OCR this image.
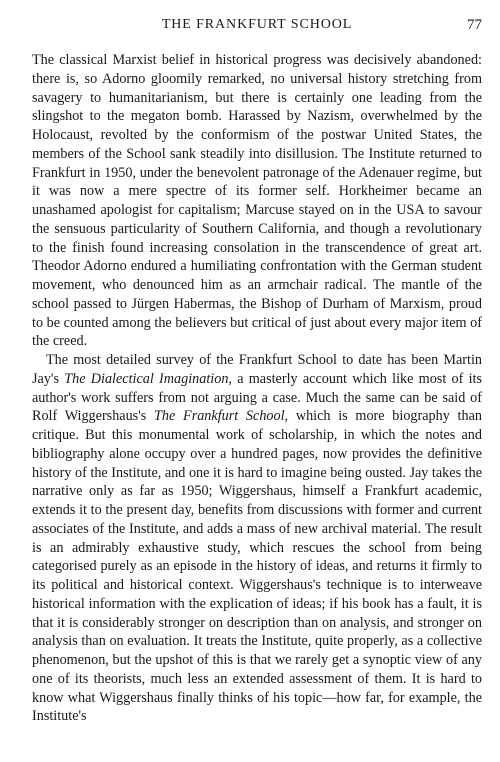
THE FRANKFURT SCHOOL	77

The classical Marxist belief in historical progress was decisively abandoned: there is, so Adorno gloomily remarked, no universal history stretching from savagery to humanitarianism, but there is certainly one leading from the slingshot to the megaton bomb. Harassed by Nazism, overwhelmed by the Holocaust, revolted by the conformism of the postwar United States, the members of the School sank steadily into disillusion. The Institute returned to Frankfurt in 1950, under the benevolent patronage of the Adenauer regime, but it was now a mere spectre of its former self. Horkheimer became an unashamed apologist for capitalism; Marcuse stayed on in the USA to savour the sensuous particularity of Southern California, and though a revolutionary to the finish found increasing consolation in the transcendence of great art. Theodor Adorno endured a humiliating confrontation with the German student movement, who denounced him as an armchair radical. The mantle of the school passed to Jürgen Habermas, the Bishop of Durham of Marxism, proud to be counted among the believers but critical of just about every major item of the creed.

The most detailed survey of the Frankfurt School to date has been Martin Jay's The Dialectical Imagination, a masterly account which like most of its author's work suffers from not arguing a case. Much the same can be said of Rolf Wiggershaus's The Frankfurt School, which is more biography than critique. But this monumental work of scholarship, in which the notes and bibliography alone occupy over a hundred pages, now provides the definitive history of the Institute, and one it is hard to imagine being ousted. Jay takes the narrative only as far as 1950; Wiggershaus, himself a Frankfurt academic, extends it to the present day, benefits from discussions with former and current associates of the Institute, and adds a mass of new archival material. The result is an admirably exhaustive study, which rescues the school from being categorised purely as an episode in the history of ideas, and returns it firmly to its political and historical context. Wiggershaus's technique is to interweave historical information with the explication of ideas; if his book has a fault, it is that it is considerably stronger on description than on analysis, and stronger on analysis than on evaluation. It treats the Institute, quite properly, as a collective phenomenon, but the upshot of this is that we rarely get a synoptic view of any one of its theorists, much less an extended assessment of them. It is hard to know what Wiggershaus finally thinks of his topic—how far, for example, the Institute's
